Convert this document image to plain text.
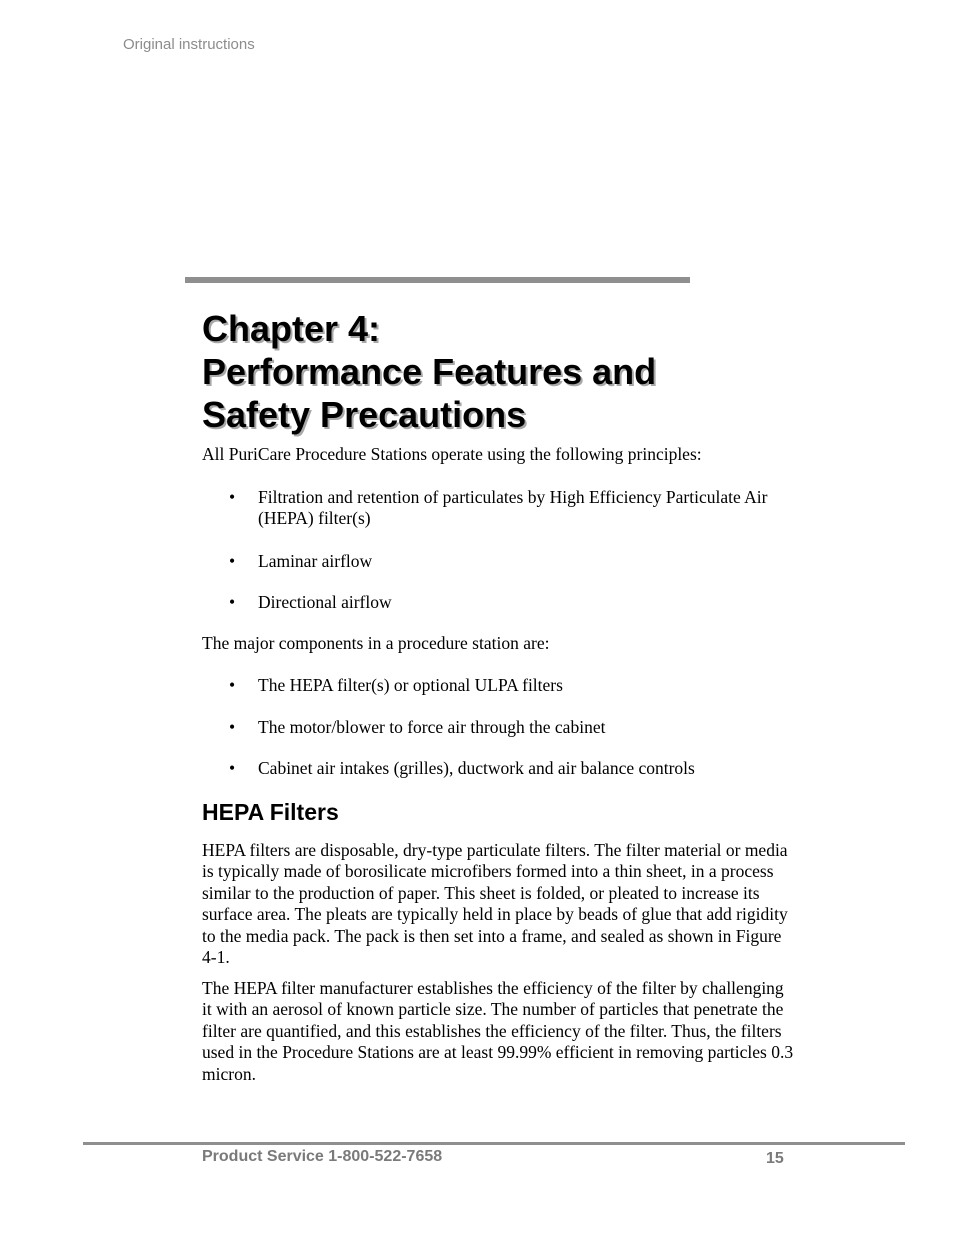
Original instructions
Chapter 4:
Performance Features and
Safety Precautions

All PuriCare Procedure Stations operate using the following principles:

• Filtration and retention of particulates by High Efficiency Particulate Air (HEPA) filter(s)
• Laminar airflow
• Directional airflow

The major components in a procedure station are:

• The HEPA filter(s) or optional ULPA filters
• The motor/blower to force air through the cabinet
• Cabinet air intakes (grilles), ductwork and air balance controls
HEPA Filters

HEPA filters are disposable, dry-type particulate filters. The filter material or media is typically made of borosilicate microfibers formed into a thin sheet, in a process similar to the production of paper. This sheet is folded, or pleated to increase its surface area. The pleats are typically held in place by beads of glue that add rigidity to the media pack. The pack is then set into a frame, and sealed as shown in Figure 4-1.

The HEPA filter manufacturer establishes the efficiency of the filter by challenging it with an aerosol of known particle size. The number of particles that penetrate the filter are quantified, and this establishes the efficiency of the filter. Thus, the filters used in the Procedure Stations are at least 99.99% efficient in removing particles 0.3 micron.

Product Service 1-800-522-7658	15
